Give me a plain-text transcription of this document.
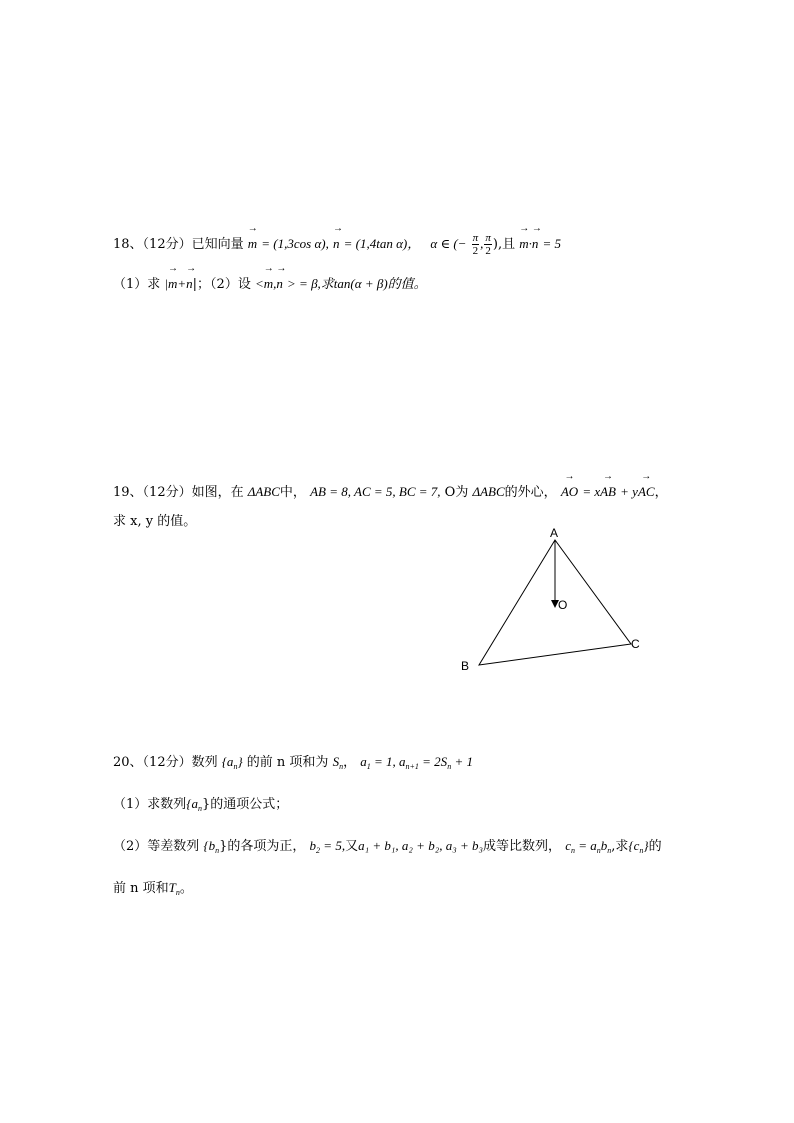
18、（12分）已知向量 → m = (1,3cos α), → n = (1,4tan α)， α ∈ (− $\frac{\pi}{2}$ , $\frac{\pi}{2}$ ),且 → m·→ n = 5
（1）求 |→ m+→ n|；（2）设 <→ m,→ n > = β,求tan(α + β)的值。
19、（12分）如图，在 ΔABC中， AB = 8, AC = 5, BC = 7, O为 ΔABC的外心， → AO = x→ AB + y→ AC，
求 x, y 的值。
A
B
C
O
20、（12分）数列 $\{a_n\}$ 的前 n 项和为 $S_n$， $a_1 = 1$, $a_{n+1} = 2S_n + 1$
（1）求数列$\{a_n\}$的通项公式；
（2）等差数列 $\{b_n\}$的各项为正， $b_2 = 5$,又a₁ + b₁, a₂ + b₂, a₃ + b₃成等比数列， $c_n = a_nb_n$,求$\{c_n\}$的
前 n 项和$T_n$。
